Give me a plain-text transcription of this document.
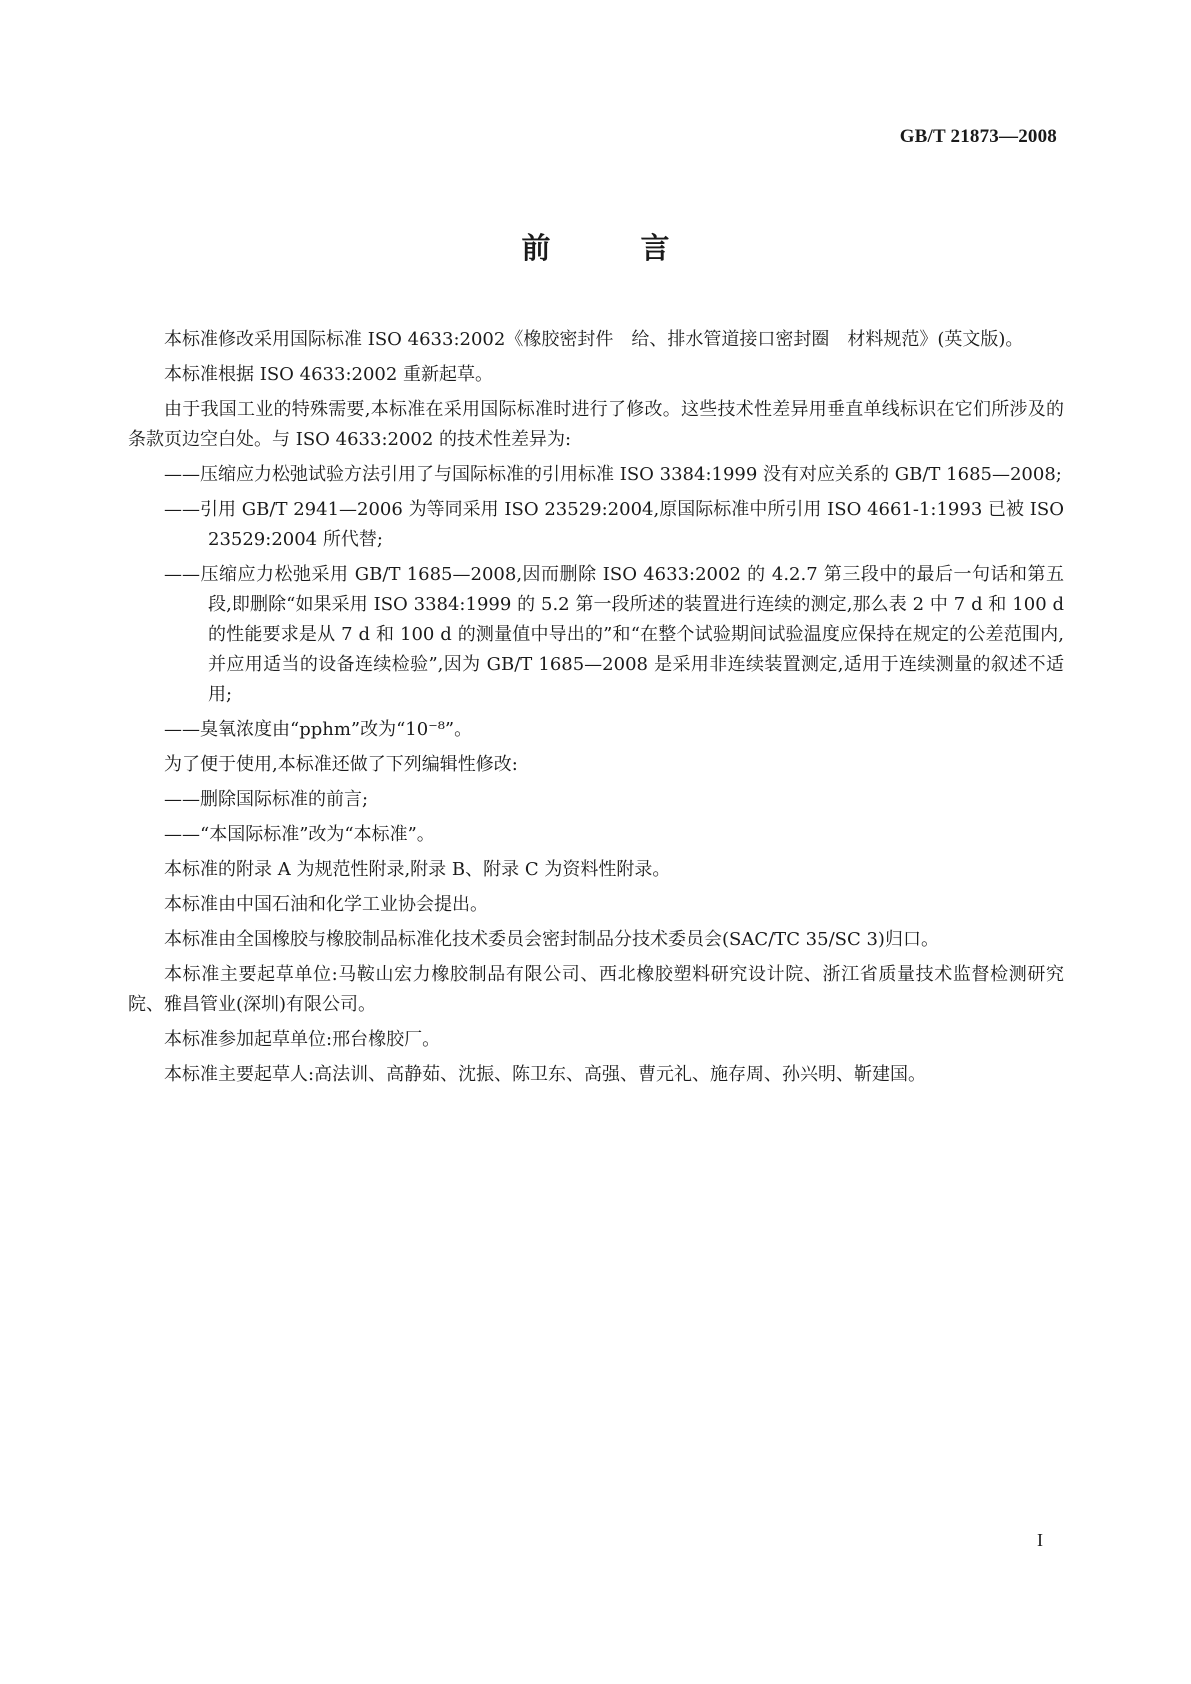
GB/T 21873—2008
前 言

本标准修改采用国际标准 ISO 4633:2002《橡胶密封件　给、排水管道接口密封圈　材料规范》(英文版)。

本标准根据 ISO 4633:2002 重新起草。

由于我国工业的特殊需要,本标准在采用国际标准时进行了修改。这些技术性差异用垂直单线标识在它们所涉及的条款页边空白处。与 ISO 4633:2002 的技术性差异为:

——压缩应力松弛试验方法引用了与国际标准的引用标准 ISO 3384:1999 没有对应关系的 GB/T 1685—2008;

——引用 GB/T 2941—2006 为等同采用 ISO 23529:2004,原国际标准中所引用 ISO 4661-1:1993 已被 ISO 23529:2004 所代替;

——压缩应力松弛采用 GB/T 1685—2008,因而删除 ISO 4633:2002 的 4.2.7 第三段中的最后一句话和第五段,即删除“如果采用 ISO 3384:1999 的 5.2 第一段所述的装置进行连续的测定,那么表 2 中 7 d 和 100 d 的性能要求是从 7 d 和 100 d 的测量值中导出的”和“在整个试验期间试验温度应保持在规定的公差范围内,并应用适当的设备连续检验”,因为 GB/T 1685—2008 是采用非连续装置测定,适用于连续测量的叙述不适用;

——臭氧浓度由“pphm”改为“10⁻⁸”。

为了便于使用,本标准还做了下列编辑性修改:

——删除国际标准的前言;

——“本国际标准”改为“本标准”。

本标准的附录 A 为规范性附录,附录 B、附录 C 为资料性附录。

本标准由中国石油和化学工业协会提出。

本标准由全国橡胶与橡胶制品标准化技术委员会密封制品分技术委员会(SAC/TC 35/SC 3)归口。

本标准主要起草单位:马鞍山宏力橡胶制品有限公司、西北橡胶塑料研究设计院、浙江省质量技术监督检测研究院、雅昌管业(深圳)有限公司。

本标准参加起草单位:邢台橡胶厂。

本标准主要起草人:高法训、高静茹、沈振、陈卫东、高强、曹元礼、施存周、孙兴明、靳建国。

I
